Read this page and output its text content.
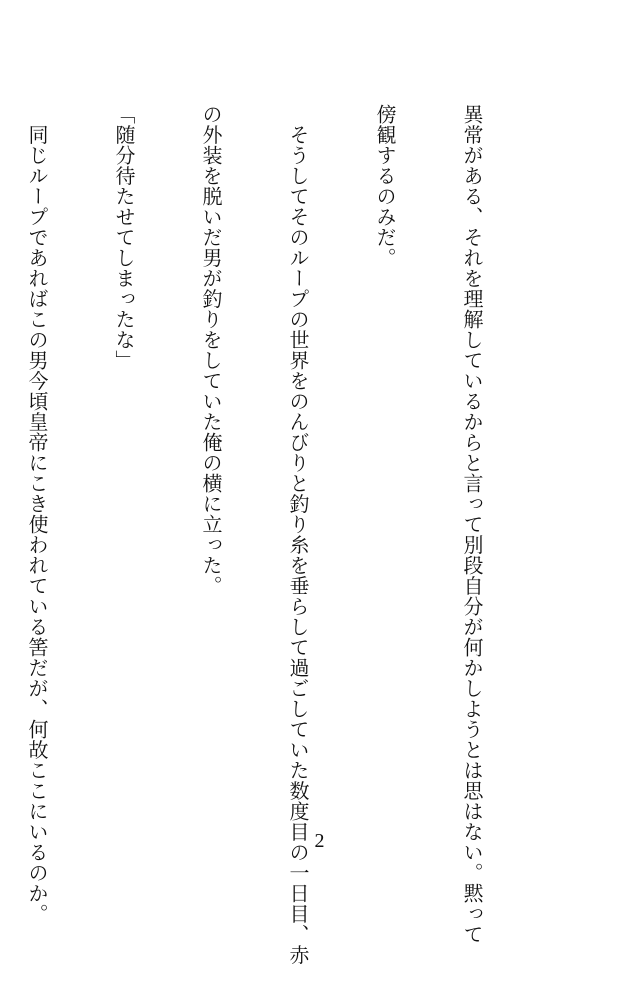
異常がある、それを理解しているからと言って別段自分が何かしようとは思はない。黙って

傍観するのみだ。

　そうしてそのループの世界をのんびりと釣り糸を垂らして過ごしていた数度目の一日目、赤

の外装を脱いだ男が釣りをしていた俺の横に立った。

「随分待たせてしまったな」

　同じループであればこの男今頃皇帝にこき使われている筈だが、何故ここにいるのか。

	2
